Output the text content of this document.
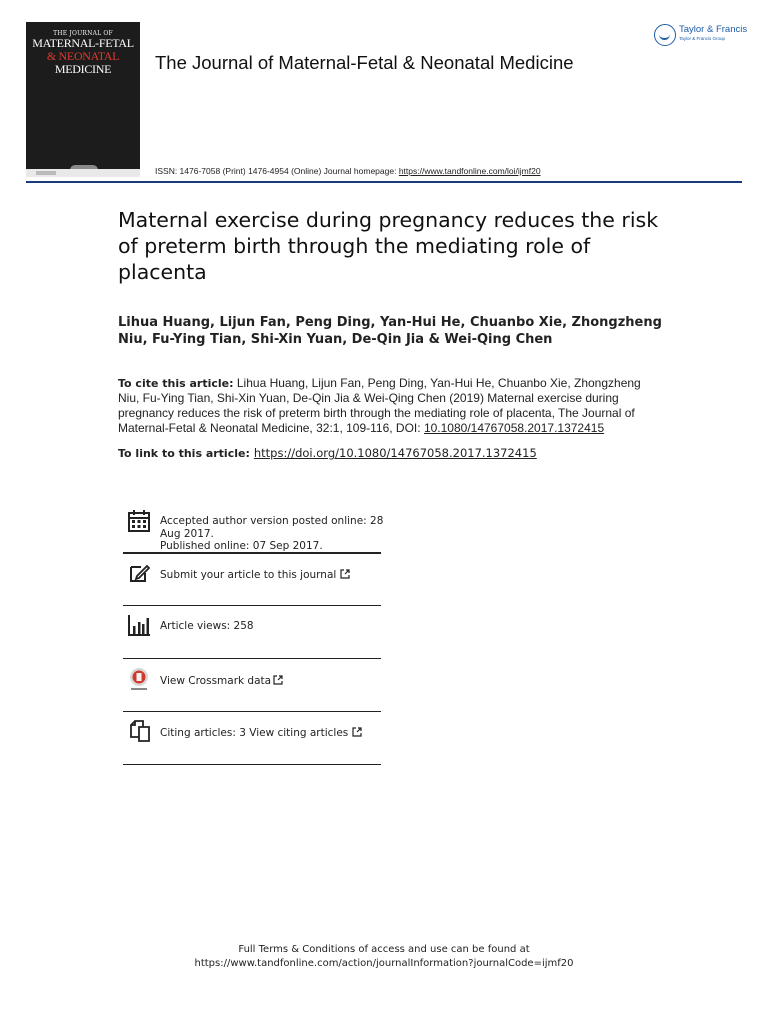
THE JOURNAL OF
MATERNAL-FETAL
& NEONATAL
MEDICINE	The Journal of Maternal-Fetal & Neonatal Medicine
Taylor & Francis
Taylor & Francis Group
ISSN: 1476-7058 (Print) 1476-4954 (Online) Journal homepage: https://www.tandfonline.com/loi/ijmf20
Maternal exercise during pregnancy reduces the risk of preterm birth through the mediating role of placenta
Lihua Huang, Lijun Fan, Peng Ding, Yan-Hui He, Chuanbo Xie, Zhongzheng Niu, Fu-Ying Tian, Shi-Xin Yuan, De-Qin Jia & Wei-Qing Chen
To cite this article: Lihua Huang, Lijun Fan, Peng Ding, Yan-Hui He, Chuanbo Xie, Zhongzheng Niu, Fu-Ying Tian, Shi-Xin Yuan, De-Qin Jia & Wei-Qing Chen (2019) Maternal exercise during pregnancy reduces the risk of preterm birth through the mediating role of placenta, The Journal of Maternal-Fetal & Neonatal Medicine, 32:1, 109-116, DOI: 10.1080/14767058.2017.1372415
To link to this article: https://doi.org/10.1080/14767058.2017.1372415
Accepted author version posted online: 28
Aug 2017.
Published online: 07 Sep 2017.
Submit your article to this journal
Article views: 258
View Crossmark data
Citing articles: 3 View citing articles
Full Terms & Conditions of access and use can be found at
https://www.tandfonline.com/action/journalInformation?journalCode=ijmf20
